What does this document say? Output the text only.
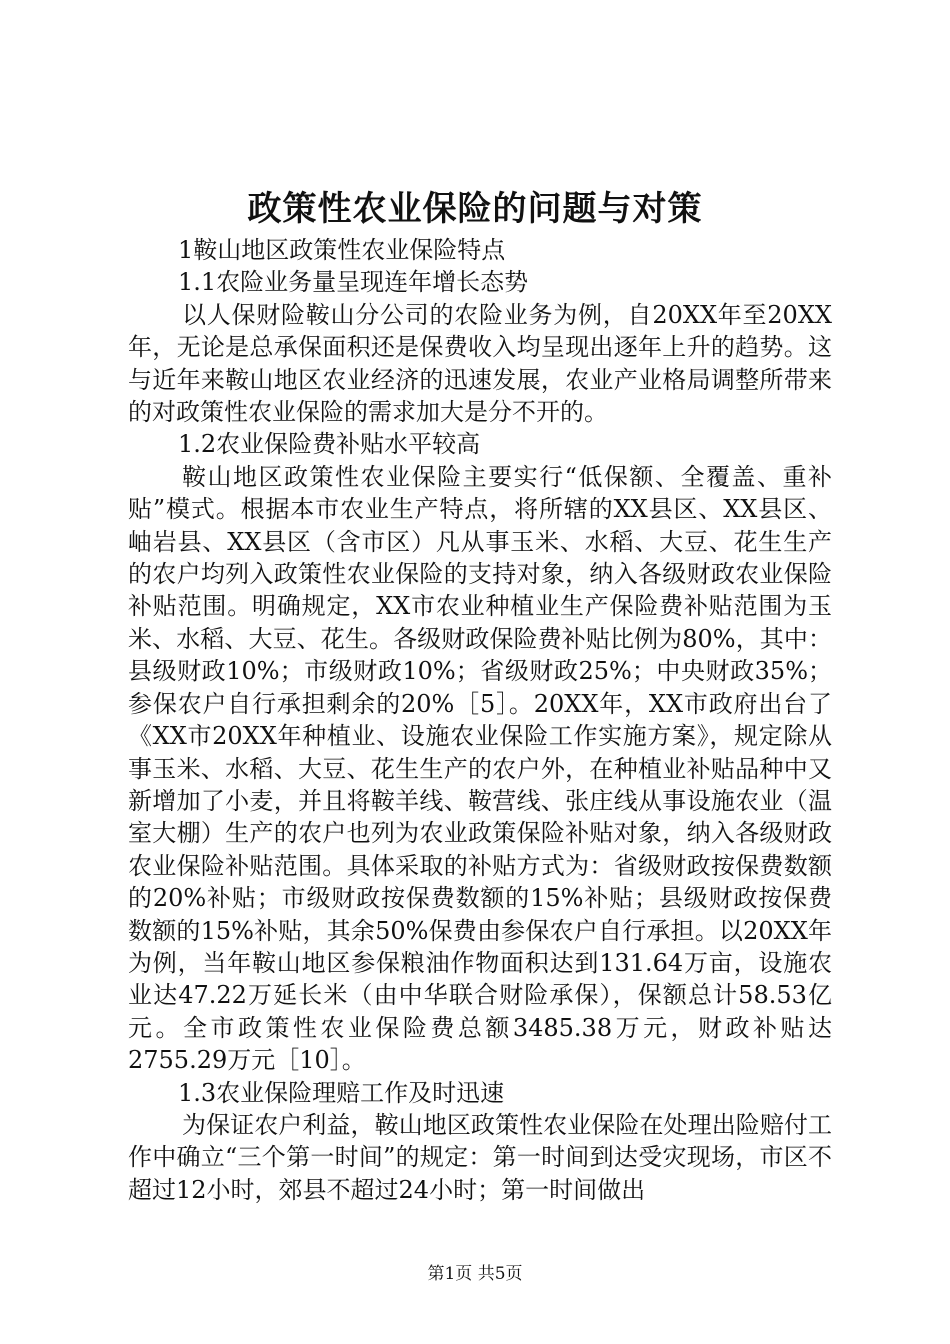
政策性农业保险的问题与对策

1鞍山地区政策性农业保险特点

1.1农险业务量呈现连年增长态势

以人保财险鞍山分公司的农险业务为例，自20XX年至20XX年，无论是总承保面积还是保费收入均呈现出逐年上升的趋势。这与近年来鞍山地区农业经济的迅速发展，农业产业格局调整所带来的对政策性农业保险的需求加大是分不开的。

1.2农业保险费补贴水平较高

鞍山地区政策性农业保险主要实行“低保额、全覆盖、重补贴”模式。根据本市农业生产特点，将所辖的XX县区、XX县区、岫岩县、XX县区（含市区）凡从事玉米、水稻、大豆、花生生产的农户均列入政策性农业保险的支持对象，纳入各级财政农业保险补贴范围。明确规定，XX市农业种植业生产保险费补贴范围为玉米、水稻、大豆、花生。各级财政保险费补贴比例为80%，其中：县级财政10%；市级财政10%；省级财政25%；中央财政35%；参保农户自行承担剩余的20%［5］。20XX年，XX市政府出台了《XX市20XX年种植业、设施农业保险工作实施方案》，规定除从事玉米、水稻、大豆、花生生产的农户外，在种植业补贴品种中又新增加了小麦，并且将鞍羊线、鞍营线、张庄线从事设施农业（温室大棚）生产的农户也列为农业政策保险补贴对象，纳入各级财政农业保险补贴范围。具体采取的补贴方式为：省级财政按保费数额的20%补贴；市级财政按保费数额的15%补贴；县级财政按保费数额的15%补贴，其余50%保费由参保农户自行承担。以20XX年为例，当年鞍山地区参保粮油作物面积达到131.64万亩，设施农业达47.22万延长米（由中华联合财险承保），保额总计58.53亿元。全市政策性农业保险费总额3485.38万元，财政补贴达2755.29万元［10］。

1.3农业保险理赔工作及时迅速

为保证农户利益，鞍山地区政策性农业保险在处理出险赔付工作中确立“三个第一时间”的规定：第一时间到达受灾现场，市区不超过12小时，郊县不超过24小时；第一时间做出

第1页 共5页
